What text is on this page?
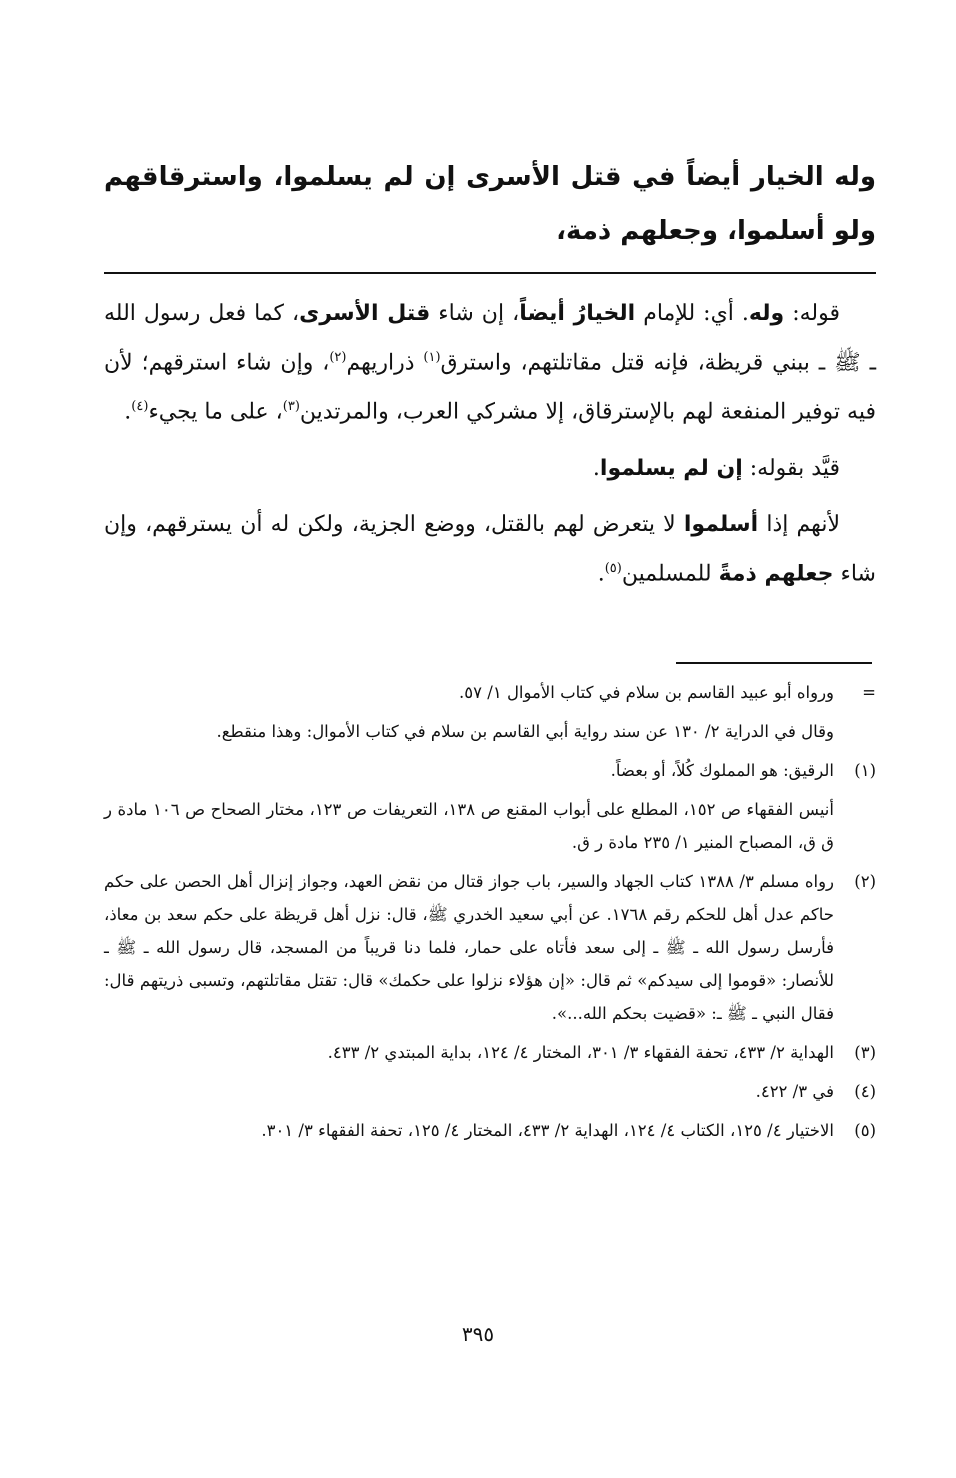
وله الخيار أيضاً في قتل الأسرى إن لم يسلموا، واسترقاقهم ولو أسلموا، وجعلهم ذمة،

قوله: وله. أي: للإمام الخيارُ أيضاً، إن شاء قتل الأسرى، كما فعل رسول الله ـ ﷺ ـ ببني قريظة، فإنه قتل مقاتلتهم، واسترق$^{(١)}$ ذراريهم$^{(٢)}$، وإن شاء استرقهم؛ لأن فيه توفير المنفعة لهم بالإسترقاق، إلا مشركي العرب، والمرتدين$^{(٣)}$، على ما يجيء$^{(٤)}$.

قيَّد بقوله: إن لم يسلموا.

لأنهم إذا أسلموا لا يتعرض لهم بالقتل، ووضع الجزية، ولكن له أن يسترقهم، وإن شاء جعلهم ذمةً للمسلمين$^{(٥)}$.

=
ورواه أبو عبيد القاسم بن سلام في كتاب الأموال ١/ ٥٧.
وقال في الدراية ٢/ ١٣٠ عن سند رواية أبي القاسم بن سلام في كتاب الأموال: وهذا منقطع.
(١)
الرقيق: هو المملوك كُلاً، أو بعضاً.
أنيس الفقهاء ص ١٥٢، المطلع على أبواب المقنع ص ١٣٨، التعريفات ص ١٢٣، مختار الصحاح ص ١٠٦ مادة ر ق ق، المصباح المنير ١/ ٢٣٥ مادة ر ق.
(٢)
رواه مسلم ٣/ ١٣٨٨ كتاب الجهاد والسير، باب جواز قتال من نقض العهد، وجواز إنزال أهل الحصن على حكم حاكم عدل أهل للحكم رقم ١٧٦٨. عن أبي سعيد الخدري ﷺ، قال: نزل أهل قريظة على حكم سعد بن معاذ، فأرسل رسول الله ـ ﷺ ـ إلى سعد فأتاه على حمار، فلما دنا قريباً من المسجد، قال رسول الله ـ ﷺ ـ للأنصار: «قوموا إلى سيدكم» ثم قال: «إن هؤلاء نزلوا على حكمك» قال: تقتل مقاتلتهم، وتسبى ذريتهم قال: فقال النبي ـ ﷺ ـ: «قضيت بحكم الله...».
(٣)
الهداية ٢/ ٤٣٣، تحفة الفقهاء ٣/ ٣٠١، المختار ٤/ ١٢٤، بداية المبتدي ٢/ ٤٣٣.
(٤)
في ٣/ ٤٢٢.
(٥)
الاختيار ٤/ ١٢٥، الكتاب ٤/ ١٢٤، الهداية ٢/ ٤٣٣، المختار ٤/ ١٢٥، تحفة الفقهاء ٣/ ٣٠١.
٣٩٥
